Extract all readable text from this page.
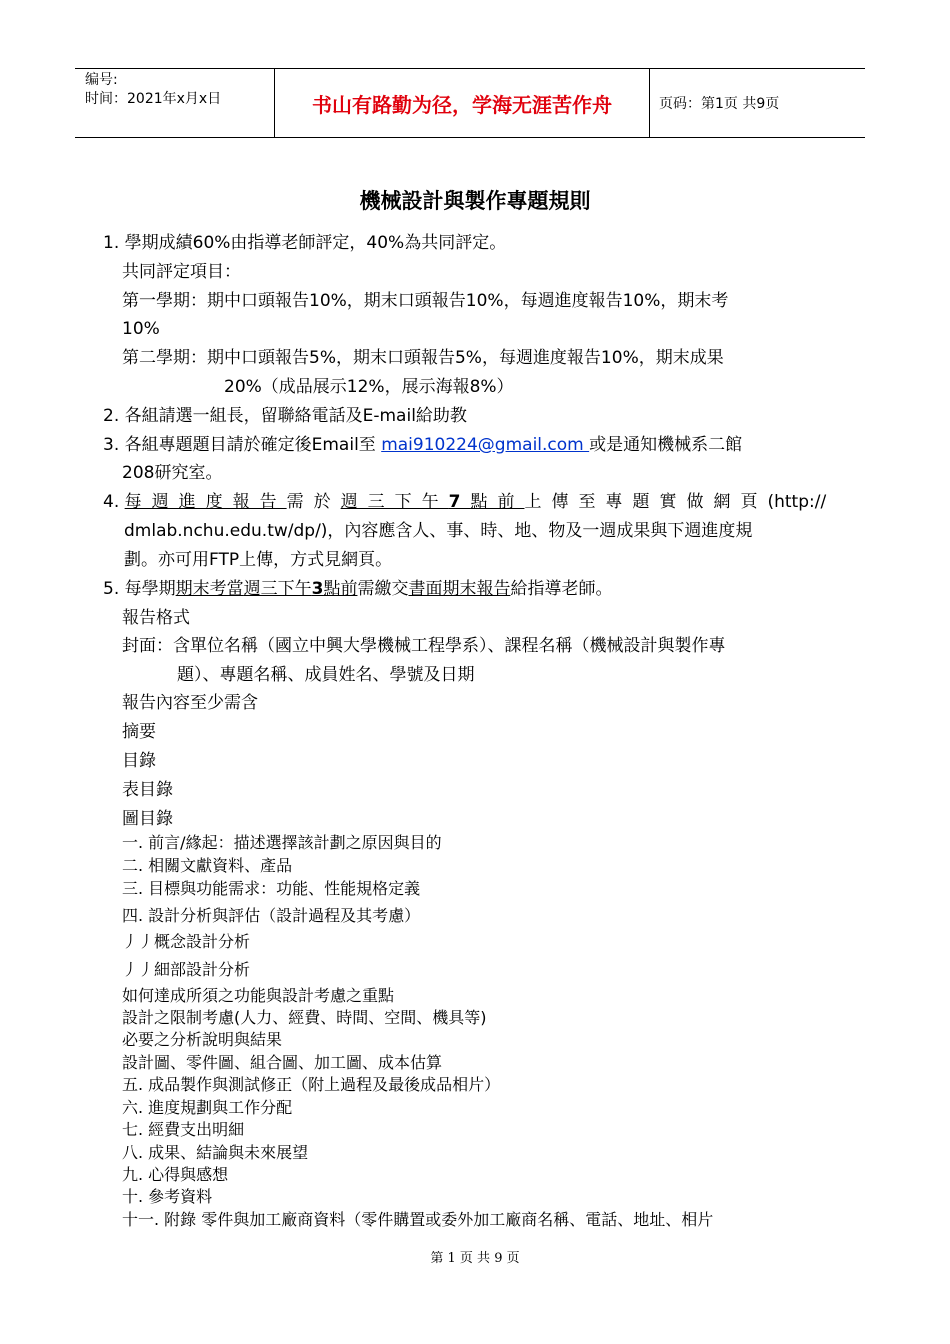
编号:
时间：2021年x月x日	书山有路勤为径，学海无涯苦作舟	页码：第1页 共9页
機械設計與製作專題規則
1. 學期成績60%由指導老師評定，40%為共同評定。
共同評定項目：
第一學期：期中口頭報告10%，期末口頭報告10%，每週進度報告10%，期末考
10%
第二學期：期中口頭報告5%，期末口頭報告5%，每週進度報告10%，期末成果
20%（成品展示12%，展示海報8%）
2. 各組請選一組長，留聯絡電話及E-mail給助教
3. 各組專題題目請於確定後Email至 mai910224@gmail.com 或是通知機械系二館
208研究室。
4. 每週進度報告需於週三下午7點前上傳至專題實做網頁(http://
dmlab.nchu.edu.tw/dp/)，內容應含人、事、時、地、物及一週成果與下週進度規
劃。亦可用FTP上傳，方式見網頁。
5. 每學期期末考當週三下午3點前需繳交書面期末報告給指導老師。
報告格式
封面：含單位名稱（國立中興大學機械工程學系）、課程名稱（機械設計與製作專
題）、專題名稱、成員姓名、學號及日期
報告內容至少需含
摘要
目錄
表目錄
圖目錄
一. 前言/緣起：描述選擇該計劃之原因與目的
二. 相關文獻資料、產品
三. 目標與功能需求：功能、性能規格定義
四. 設計分析與評估（設計過程及其考慮）
丿丿概念設計分析
丿丿細部設計分析
如何達成所須之功能與設計考慮之重點
設計之限制考慮(人力、經費、時間、空間、機具等)
必要之分析說明與結果
設計圖、零件圖、組合圖、加工圖、成本估算
五. 成品製作與測試修正（附上過程及最後成品相片）
六. 進度規劃與工作分配
七. 經費支出明細
八. 成果、結論與未來展望
九. 心得與感想
十. 參考資料
十一. 附錄 零件與加工廠商資料（零件購置或委外加工廠商名稱、電話、地址、相片
第 1 页 共 9 页
